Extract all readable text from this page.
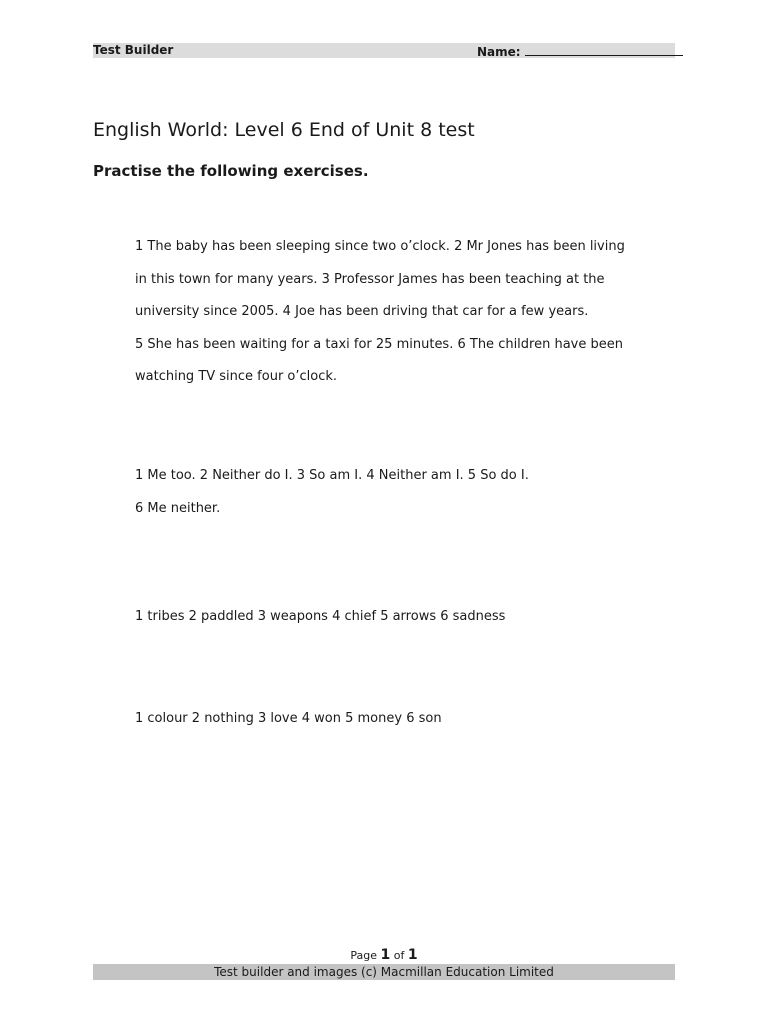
Test Builder	Name:
English World: Level 6 End of Unit 8 test
Practise the following exercises.
1 The baby has been sleeping since two o’clock. 2 Mr Jones has been living
in this town for many years. 3 Professor James has been teaching at the
university since 2005. 4 Joe has been driving that car for a few years.
5 She has been waiting for a taxi for 25 minutes. 6 The children have been
watching TV since four o’clock.
1 Me too. 2 Neither do I. 3 So am I. 4 Neither am I. 5 So do I.
6 Me neither.
1 tribes 2 paddled 3 weapons 4 chief 5 arrows 6 sadness
1 colour 2 nothing 3 love 4 won 5 money 6 son
Page 1 of 1
Test builder and images (c) Macmillan Education Limited
